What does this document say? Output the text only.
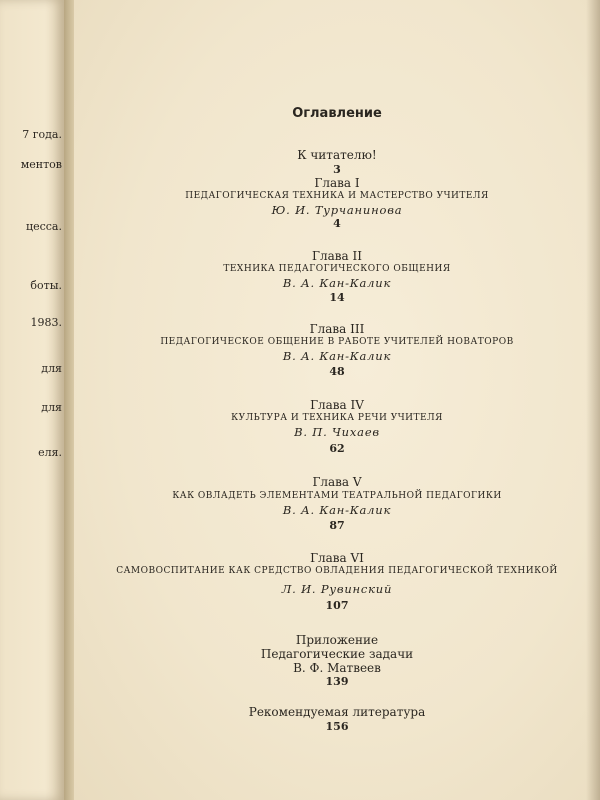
7 года.
ментов
цесса.
боты.
1983.
для
для
еля.
Оглавление
К читателю!
3
Глава I
ПЕДАГОГИЧЕСКАЯ ТЕХНИКА И МАСТЕРСТВО УЧИТЕЛЯ
Ю. И. Турчанинова
4
Глава II
ТЕХНИКА ПЕДАГОГИЧЕСКОГО ОБЩЕНИЯ
В. А. Кан-Калик
14
Глава III
ПЕДАГОГИЧЕСКОЕ ОБЩЕНИЕ В РАБОТЕ УЧИТЕЛЕЙ НОВАТОРОВ
В. А. Кан-Калик
48
Глава IV
КУЛЬТУРА И ТЕХНИКА РЕЧИ УЧИТЕЛЯ
В. П. Чихаев
62
Глава V
КАК ОВЛАДЕТЬ ЭЛЕМЕНТАМИ ТЕАТРАЛЬНОЙ ПЕДАГОГИКИ
В. А. Кан-Калик
87
Глава VI
САМОВОСПИТАНИЕ КАК СРЕДСТВО ОВЛАДЕНИЯ ПЕДАГОГИЧЕСКОЙ ТЕХНИКОЙ
Л. И. Рувинский
107
Приложение
Педагогические задачи
В. Ф. Матвеев
139
Рекомендуемая литература
156
